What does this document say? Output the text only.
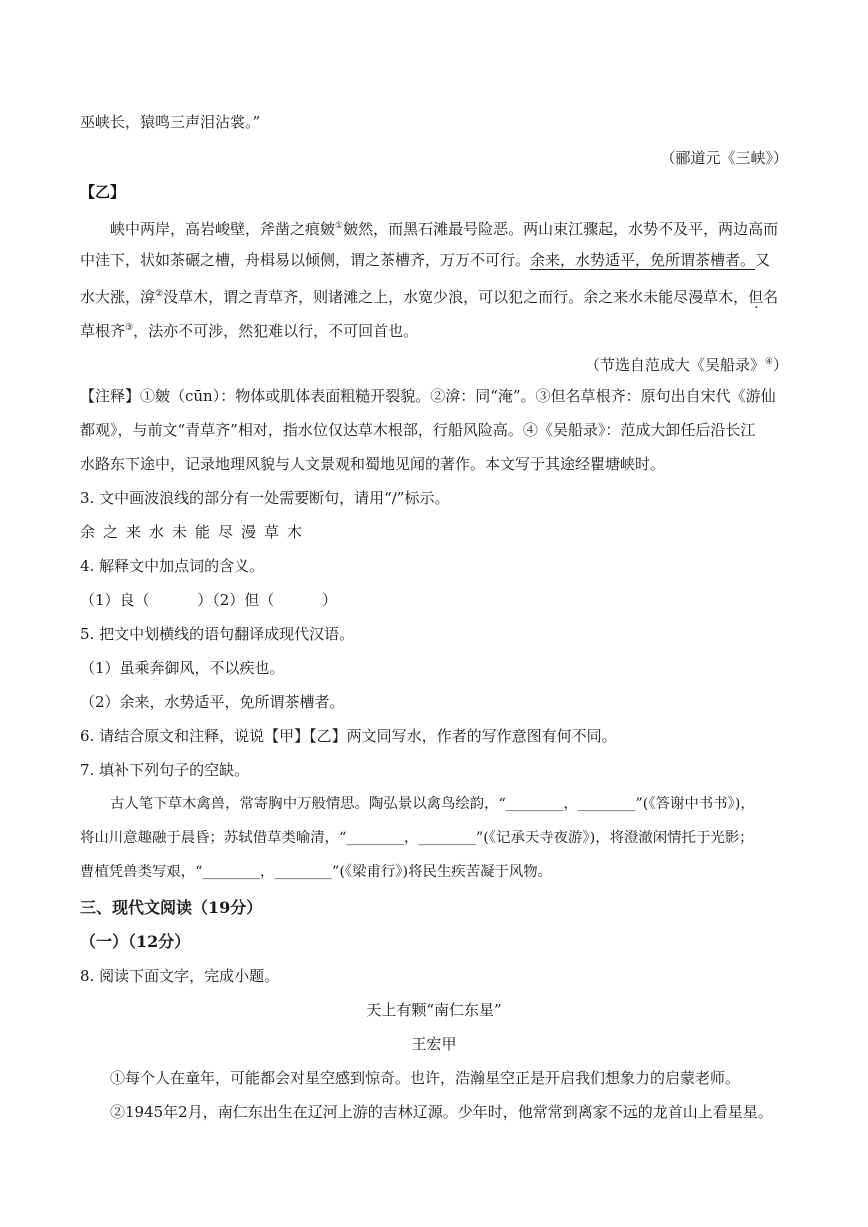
巫峡长，猿鸣三声泪沾裳。”
（郦道元《三峡》）
【乙】
峡中两岸，高岩峻壁，斧凿之痕皴①皴然，而黑石滩最号险恶。两山束江骤起，水势不及平，两边高而
中洼下，状如茶碾之槽，舟楫易以倾侧，谓之茶槽齐，万万不可行。余来，水势适平，免所谓茶槽者。又
水大涨，渰②没草木，谓之青草齐，则诸滩之上，水宽少浪，可以犯之而行。余之来水未能尽漫草木，但名
草根齐③，法亦不可涉，然犯难以行，不可回首也。
（节选自范成大《吴船录》④）
【注释】①皴（cūn）：物体或肌体表面粗糙开裂貌。②渰：同“淹”。③但名草根齐：原句出自宋代《游仙
都观》，与前文“青草齐”相对，指水位仅达草木根部，行船风险高。④《吴船录》：范成大卸任后沿长江
水路东下途中，记录地理风貌与人文景观和蜀地见闻的著作。本文写于其途经瞿塘峡时。
3. 文中画波浪线的部分有一处需要断句，请用“/”标示。
余之来水未能尽漫草木
4. 解释文中加点词的含义。
（1）良（          ）（2）但（          ）
5. 把文中划横线的语句翻译成现代汉语。
（1）虽乘奔御风，不以疾也。
（2）余来，水势适平，免所谓茶槽者。
6. 请结合原文和注释，说说【甲】【乙】两文同写水，作者的写作意图有何不同。
7. 填补下列句子的空缺。
古人笔下草木禽兽，常寄胸中万般情思。陶弘景以禽鸟绘韵，“________，________”(《答谢中书书》)，
将山川意趣融于晨昏；苏轼借草类喻清，“________，________”(《记承天寺夜游》)，将澄澈闲情托于光影；
曹植凭兽类写艰，“________，________”(《梁甫行》)将民生疾苦凝于风物。
三、现代文阅读（19分）
（一）（12分）
8. 阅读下面文字，完成小题。
天上有颗“南仁东星”
王宏甲
①每个人在童年，可能都会对星空感到惊奇。也许，浩瀚星空正是开启我们想象力的启蒙老师。
②1945年2月，南仁东出生在辽河上游的吉林辽源。少年时，他常常到离家不远的龙首山上看星星。
